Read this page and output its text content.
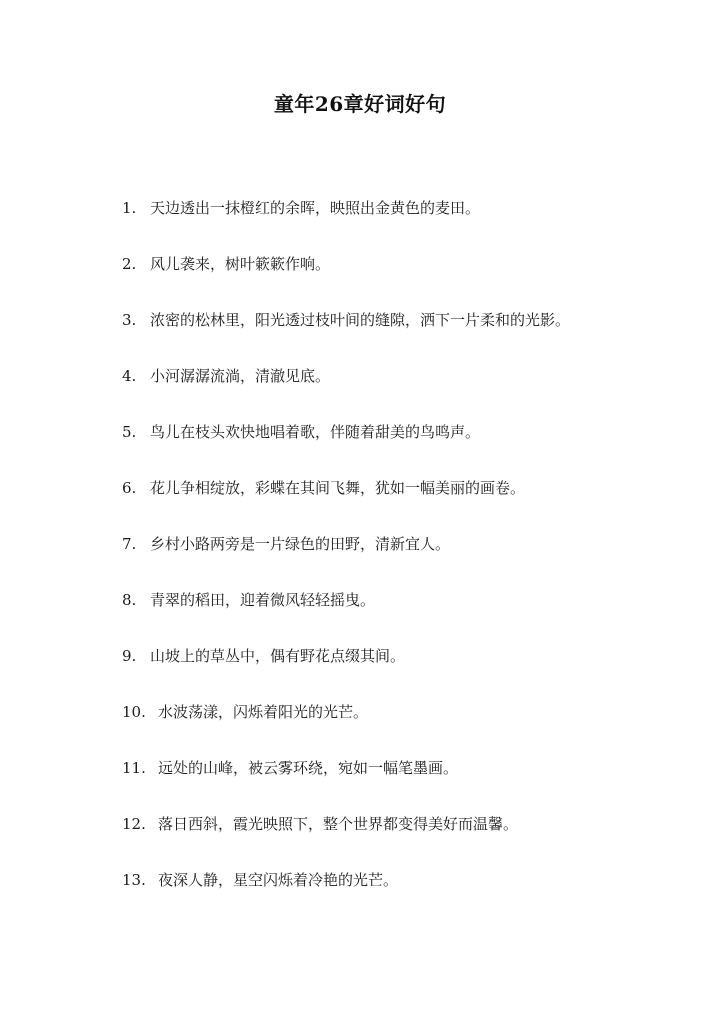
童年26章好词好句
1. 天边透出一抹橙红的余晖，映照出金黄色的麦田。
2. 风儿袭来，树叶簌簌作响。
3. 浓密的松林里，阳光透过枝叶间的缝隙，洒下一片柔和的光影。
4. 小河潺潺流淌，清澈见底。
5. 鸟儿在枝头欢快地唱着歌，伴随着甜美的鸟鸣声。
6. 花儿争相绽放，彩蝶在其间飞舞，犹如一幅美丽的画卷。
7. 乡村小路两旁是一片绿色的田野，清新宜人。
8. 青翠的稻田，迎着微风轻轻摇曳。
9. 山坡上的草丛中，偶有野花点缀其间。
10. 水波荡漾，闪烁着阳光的光芒。
11. 远处的山峰，被云雾环绕，宛如一幅笔墨画。
12. 落日西斜，霞光映照下，整个世界都变得美好而温馨。
13. 夜深人静，星空闪烁着冷艳的光芒。
